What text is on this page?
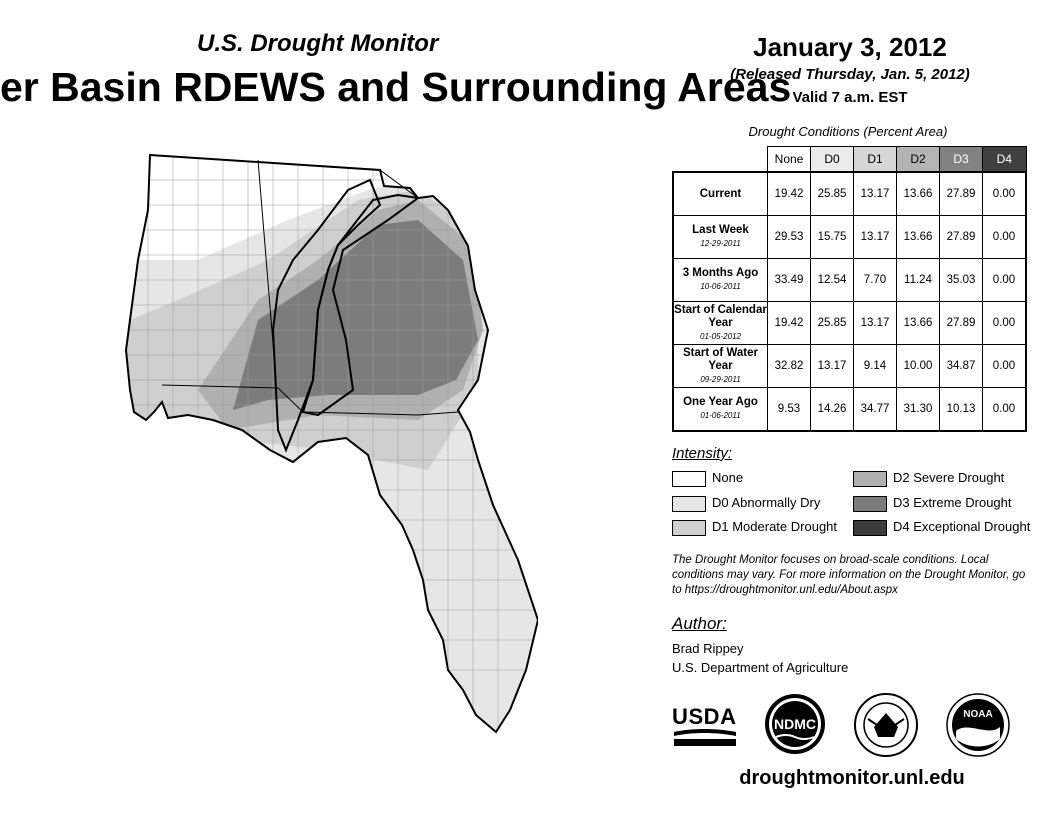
U.S. Drought Monitor
er Basin RDEWS and Surrounding Areas
January 3, 2012
(Released Thursday, Jan. 5, 2012)
Valid 7 a.m. EST
Drought Conditions (Percent Area)
	None	D0	D1	D2	D3	D4
Current	19.42	25.85	13.17	13.66	27.89	0.00
Last Week
12-29-2011	29.53	15.75	13.17	13.66	27.89	0.00
3 Months Ago
10-06-2011	33.49	12.54	7.70	11.24	35.03	0.00
Start of Calendar Year
01-05-2012	19.42	25.85	13.17	13.66	27.89	0.00
Start of Water Year
09-29-2011	32.82	13.17	9.14	10.00	34.87	0.00
One Year Ago
01-06-2011	9.53	14.26	34.77	31.30	10.13	0.00
Intensity:
None
D0 Abnormally Dry
D1 Moderate Drought
D2 Severe Drought
D3 Extreme Drought
D4 Exceptional Drought
The Drought Monitor focuses on broad-scale conditions. Local conditions may vary. For more information on the Drought Monitor, go to https://droughtmonitor.unl.edu/About.aspx
Author:
Brad Rippey
U.S. Department of Agriculture
USDA	NDMC
NOAA
droughtmonitor.unl.edu
